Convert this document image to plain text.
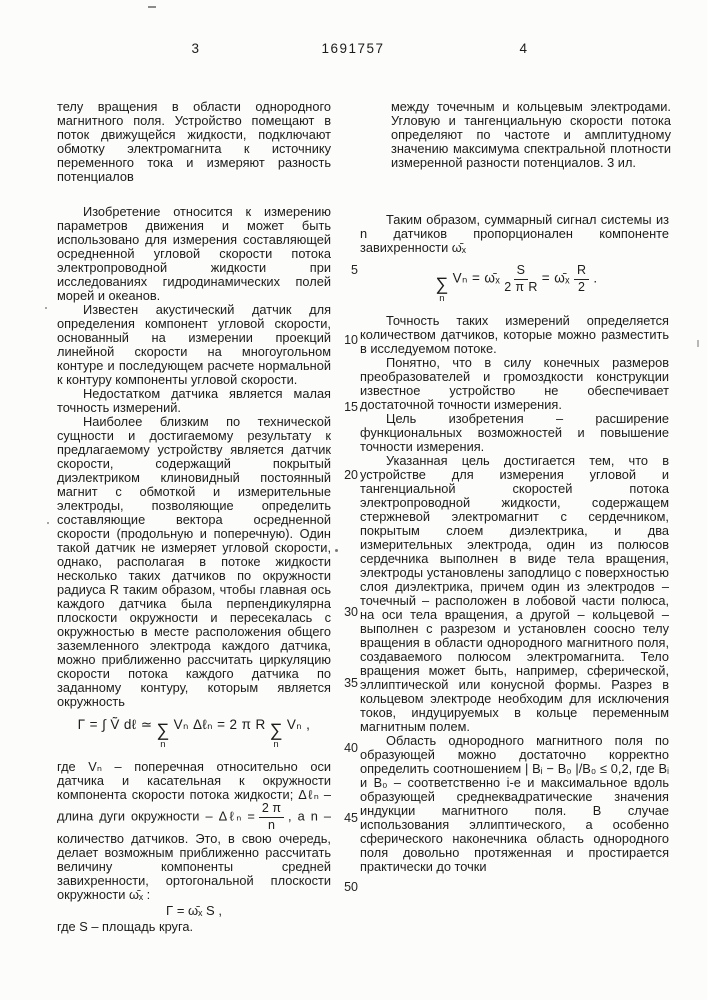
3	1691757	4

телу вращения в области однородного магнитного поля. Устройство помещают в поток движущейся жидкости, подключают обмотку электромагнита к источнику переменного тока и измеряют разность потенциалов

между точечным и кольцевым электродами. Угловую и тангенциальную скорости потока определяют по частоте и амплитудному значению максимума спектральной плотности измеренной разности потенциалов. 3 ил.

Изобретение относится к измерению параметров движения и может быть использовано для измерения составляющей осредненной угловой скорости потока электропроводной жидкости при исследованиях гидродинамических полей морей и океанов.

Известен акустический датчик для определения компонент угловой скорости, основанный на измерении проекций линейной скорости на многоугольном контуре и последующем расчете нормальной к контуру компоненты угловой скорости.

Недостатком датчика является малая точность измерений.

Наиболее близким по технической сущности и достигаемому результату к предлагаемому устройству является датчик скорости, содержащий покрытый диэлектриком клиновидный постоянный магнит с обмоткой и измерительные электроды, позволяющие определить составляющие вектора осредненной скорости (продольную и поперечную). Один такой датчик не измеряет угловой скорости, однако, располагая в потоке жидкости несколько таких датчиков по окружности радиуса R таким образом, чтобы главная ось каждого датчика была перпендикулярна плоскости окружности и пересекалась с окружностью в месте расположения общего заземленного электрода каждого датчика, можно приближенно рассчитать циркуляцию скорости потока каждого датчика по заданному контуру, которым является окружность

Γ = ∫ Ṽ dℓ ≃ ∑
n
Vₙ Δℓₙ = 2 π R ∑
n
Vₙ ,

где Vₙ – поперечная относительно оси датчика и касательная к окружности компонента скорости потока жидкости; Δℓₙ – длина дуги окружности – Δℓₙ = $\frac{2 \pi}{n}$ , а n – количество датчиков. Это, в свою очередь, делает возможным приближенно рассчитать величину компоненты средней завихренности, ортогональной плоскости окружности ω̄ₓ :

Γ = ω̄ₓ S ,

где S – площадь круга.

Таким образом, суммарный сигнал системы из n датчиков пропорционален компоненте завихренности ω̄ₓ

∑
n
Vₙ = ω̄ₓ $\frac{S}{\text{2 π R}}$ = ω̄ₓ $\frac{R}{2}$ .

Точность таких измерений определяется количеством датчиков, которые можно разместить в исследуемом потоке.

Понятно, что в силу конечных размеров преобразователей и громоздкости конструкции известное устройство не обеспечивает достаточной точности измерения.

Цель изобретения – расширение функциональных возможностей и повышение точности измерения.

Указанная цель достигается тем, что в устройстве для измерения угловой и тангенциальной скоростей потока электропроводной жидкости, содержащем стержневой электромагнит с сердечником, покрытым слоем диэлектрика, и два измерительных электрода, один из полюсов сердечника выполнен в виде тела вращения, электроды установлены заподлицо с поверхностью слоя диэлектрика, причем один из электродов – точечный – расположен в лобовой части полюса, на оси тела вращения, а другой – кольцевой – выполнен с разрезом и установлен соосно телу вращения в области однородного магнитного поля, создаваемого полюсом электромагнита. Тело вращения может быть, например, сферической, эллиптической или конусной формы. Разрез в кольцевом электроде необходим для исключения токов, индуцируемых в кольце переменным магнитным полем.

Область однородного магнитного поля по образующей можно достаточно корректно определить соотношением | Bᵢ − B₀ |/B₀ ≤ 0,2, где Bᵢ и B₀ – соответственно i-е и максимальное вдоль образующей среднеквадратические значения индукции магнитного поля. В случае использования эллиптического, а особенно сферического наконечника область однородного поля довольно протяженная и простирается практически до точки

5
10
15
20
30
35
40
45
50
